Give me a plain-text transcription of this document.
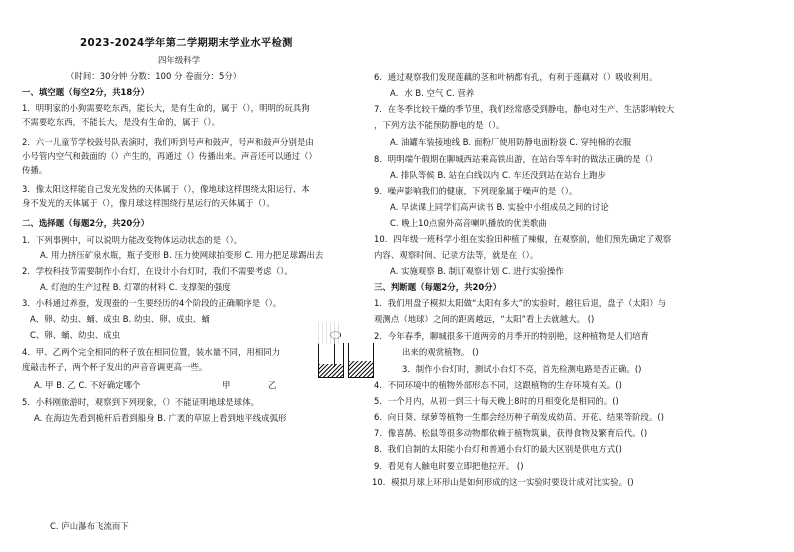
2023-2024学年第二学期期末学业水平检测
四年级科学
（时间：30分钟 分数：100 分 卷面分：5分）
一、填空题（每空2分，共18分）
1．明明家的小狗需要吃东西，能长大，是有生命的，属于（），明明的玩具狗
不需要吃东西，不能长大，是没有生命的，属于（）。
2．六一儿童节学校鼓号队表演时，我们听到号声和鼓声，号声和鼓声分别是由
小号管内空气和鼓面的（）产生的，再通过（）传播出来。声音还可以通过（）
传播。
3．像太阳这样能自己发光发热的天体属于（），像地球这样围绕太阳运行、本
身不发光的天体属于（），像月球这样围绕行星运行的天体属于（）。
二、选择题（每题2分，共20分）
1．下列事例中，可以说明力能改变物体运动状态的是（）。
A. 用力挤压矿泉水瓶，瓶子变形 B. 压力使网球拍变形 C. 用力把足球踢出去
2．学校科技节需要制作小台灯，在设计小台灯时，我们不需要考虑（）。
A. 灯泡的生产过程 B. 灯罩的材料 C. 支撑架的强度
3．小科通过养蚕，发现蚕的一生要经历的4个阶段的正确顺序是（）。
A、卵、幼虫、蛹、成虫 B. 幼虫、卵、成虫、蛹
C、卵、蛹、幼虫、成虫
4．甲、乙两个完全相同的杯子放在相同位置，装水量不同，用相同力
度敲击杯子，两个杯子发出的声音音调更高一些。
A. 甲 B. 乙 C. 不好确定哪个	甲	乙
5．小科刚旅游时，观察到下列现象，（）不能证明地球是球体。
A. 在海边先看到桅杆后看到船身 B. 广袤的草原上看到地平线成弧形
C. 庐山瀑布飞流而下
6．通过观察我们发现莲藕的茎和叶柄都有孔，有利于莲藕对（）吸收利用。
A．水 B. 空气 C. 营养
7．在冬季比较干燥的季节里，我们经常感受到静电，静电对生产、生活影响较大
，下列方法不能预防静电的是（）。
A. 油罐车装接地线 B. 面粉厂使用防静电面粉袋 C. 穿纯棉的衣服
8．明明端午假期在聊城西站乘高铁出游，在站台等车时的做法正确的是（）
A. 排队等候 B. 站在白线以内 C. 车还没到站在站台上跑步
9．噪声影响我们的健康，下列现象属于噪声的是（）。
A. 早读课上同学们高声读书 B. 实验中小组成员之间的讨论
C. 晚上10点窗外高音喇叭播放的优美歌曲
10．四年级一班科学小组在实验田种植了辣椒，在观察前，他们预先确定了观察
内容、观察时间、记录方法等，就是在（）。
A. 实施观察 B. 制订观察计划 C. 进行实验操作
三、判断题（每题2分，共20分）
1．我们用盘子模拟太阳做“太阳有多大”的实验时，越往后退，盘子（太阳）与
观测点（地球）之间的距离越远，“太阳”看上去就越大。 ()
2．今年春季，聊城很多干道两旁的月季开的特别艳，这种植物是人们培育
出来的观赏植物。 ()
3．制作小台灯时，测试小台灯不亮，首先检测电路是否正确。()
4．不同环境中的植物外部形态不同，这跟植物的生存环境有关。()
5．一个月内，从初一到三十每天晚上8时的月相变化是相同的。()
6．向日葵、绿萝等植物一生都会经历种子萌发成幼苗、开花、结果等阶段。()
7．像喜鹊、松鼠等很多动物都依赖于植物筑巢，获得食物及繁育后代。()
8．我们自制的太阳能小台灯和普通小台灯的最大区别是供电方式()
9．看见有人触电时要立即把他拉开。 ()
10．模拟月球上环形山是如何形成的这一实验时要设计成对比实验。()
